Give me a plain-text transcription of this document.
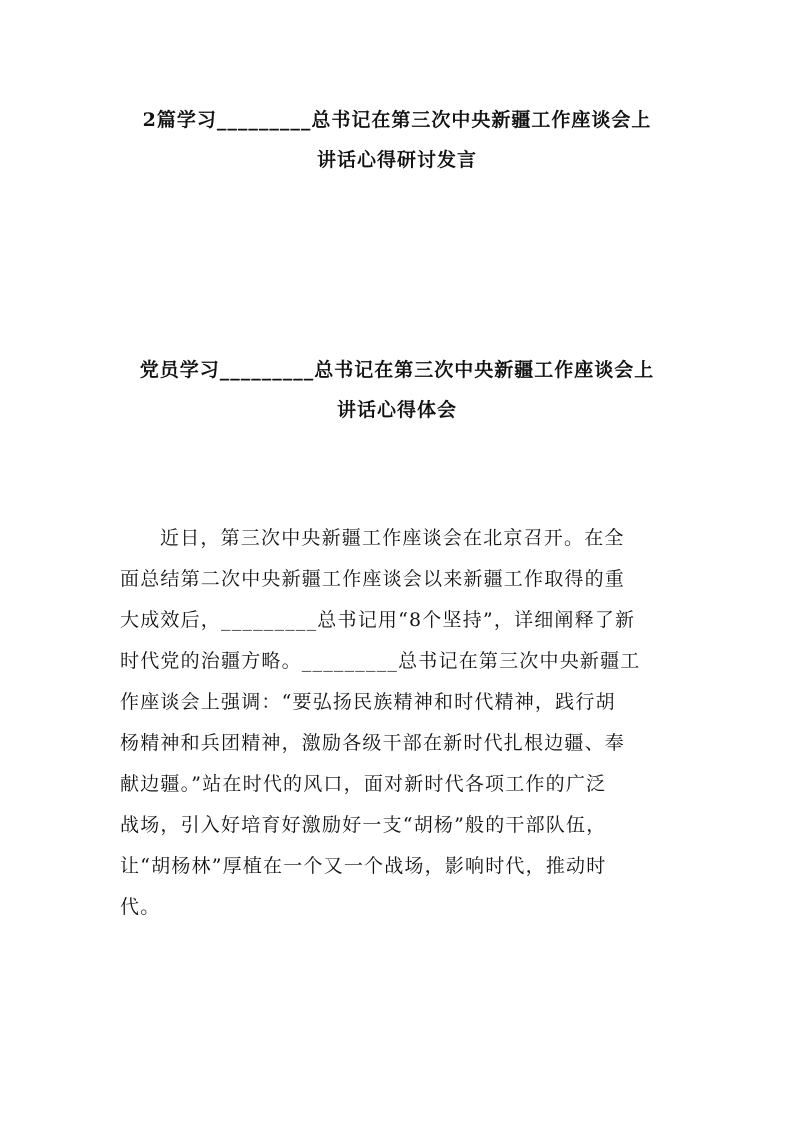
2篇学习_________总书记在第三次中央新疆工作座谈会上
讲话心得研讨发言
党员学习_________总书记在第三次中央新疆工作座谈会上
讲话心得体会
近日，第三次中央新疆工作座谈会在北京召开。在全
面总结第二次中央新疆工作座谈会以来新疆工作取得的重
大成效后，_________总书记用“8个坚持”，详细阐释了新
时代党的治疆方略。_________总书记在第三次中央新疆工
作座谈会上强调：“要弘扬民族精神和时代精神，践行胡
杨精神和兵团精神，激励各级干部在新时代扎根边疆、奉
献边疆。”站在时代的风口，面对新时代各项工作的广泛
战场，引入好培育好激励好一支“胡杨”般的干部队伍，
让“胡杨林”厚植在一个又一个战场，影响时代，推动时
代。
